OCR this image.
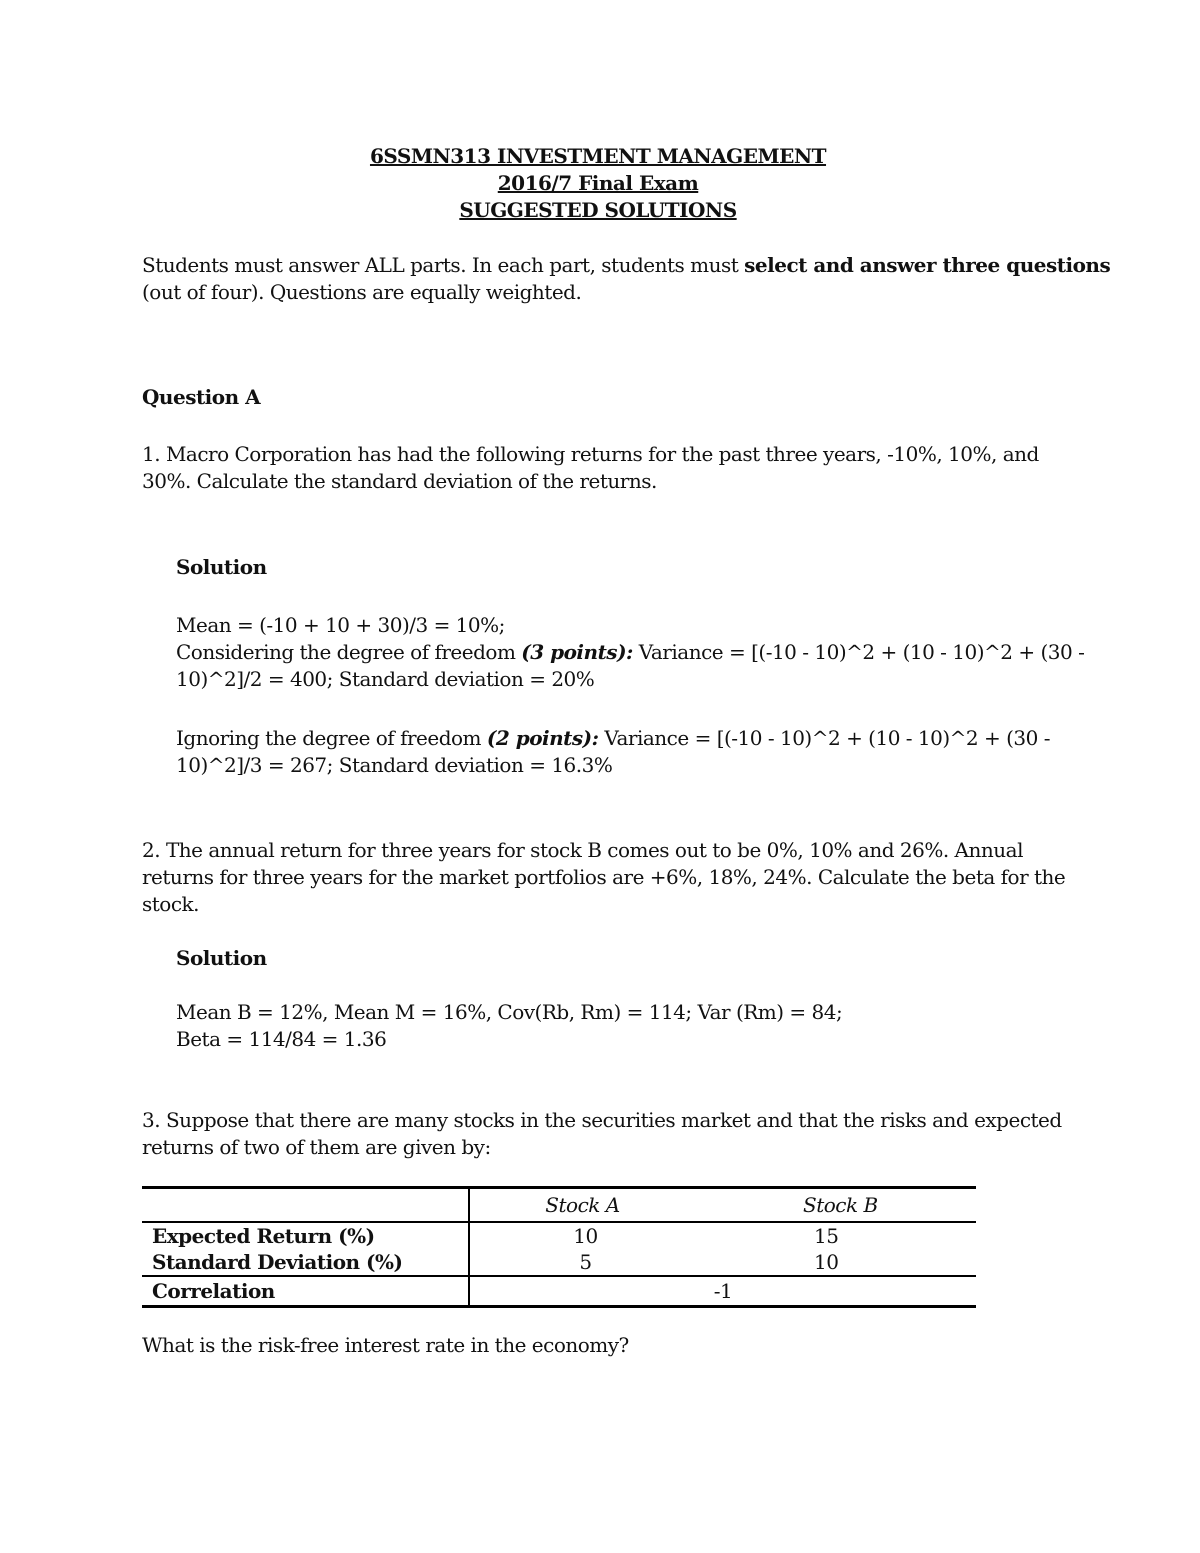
6SSMN313 INVESTMENT MANAGEMENT

2016/7 Final Exam

SUGGESTED SOLUTIONS

Students must answer ALL parts. In each part, students must select and answer three questions

(out of four). Questions are equally weighted.

Question A

1. Macro Corporation has had the following returns for the past three years, -10%, 10%, and

30%. Calculate the standard deviation of the returns.

Solution

Mean = (-10 + 10 + 30)/3 = 10%;

Considering the degree of freedom (3 points): Variance = [(-10 - 10)^2 + (10 - 10)^2 + (30 -

10)^2]/2 = 400; Standard deviation = 20%

Ignoring the degree of freedom (2 points): Variance = [(-10 - 10)^2 + (10 - 10)^2 + (30 -

10)^2]/3 = 267; Standard deviation = 16.3%

2. The annual return for three years for stock B comes out to be 0%, 10% and 26%. Annual

returns for three years for the market portfolios are +6%, 18%, 24%. Calculate the beta for the

stock.

Solution

Mean B = 12%, Mean M = 16%, Cov(Rb, Rm) = 114; Var (Rm) = 84;

Beta = 114/84 = 1.36

3. Suppose that there are many stocks in the securities market and that the risks and expected

returns of two of them are given by:

	Stock A	Stock B
Expected Return (%)	10	15
Standard Deviation (%)	5	10
Correlation	-1	

What is the risk-free interest rate in the economy?
